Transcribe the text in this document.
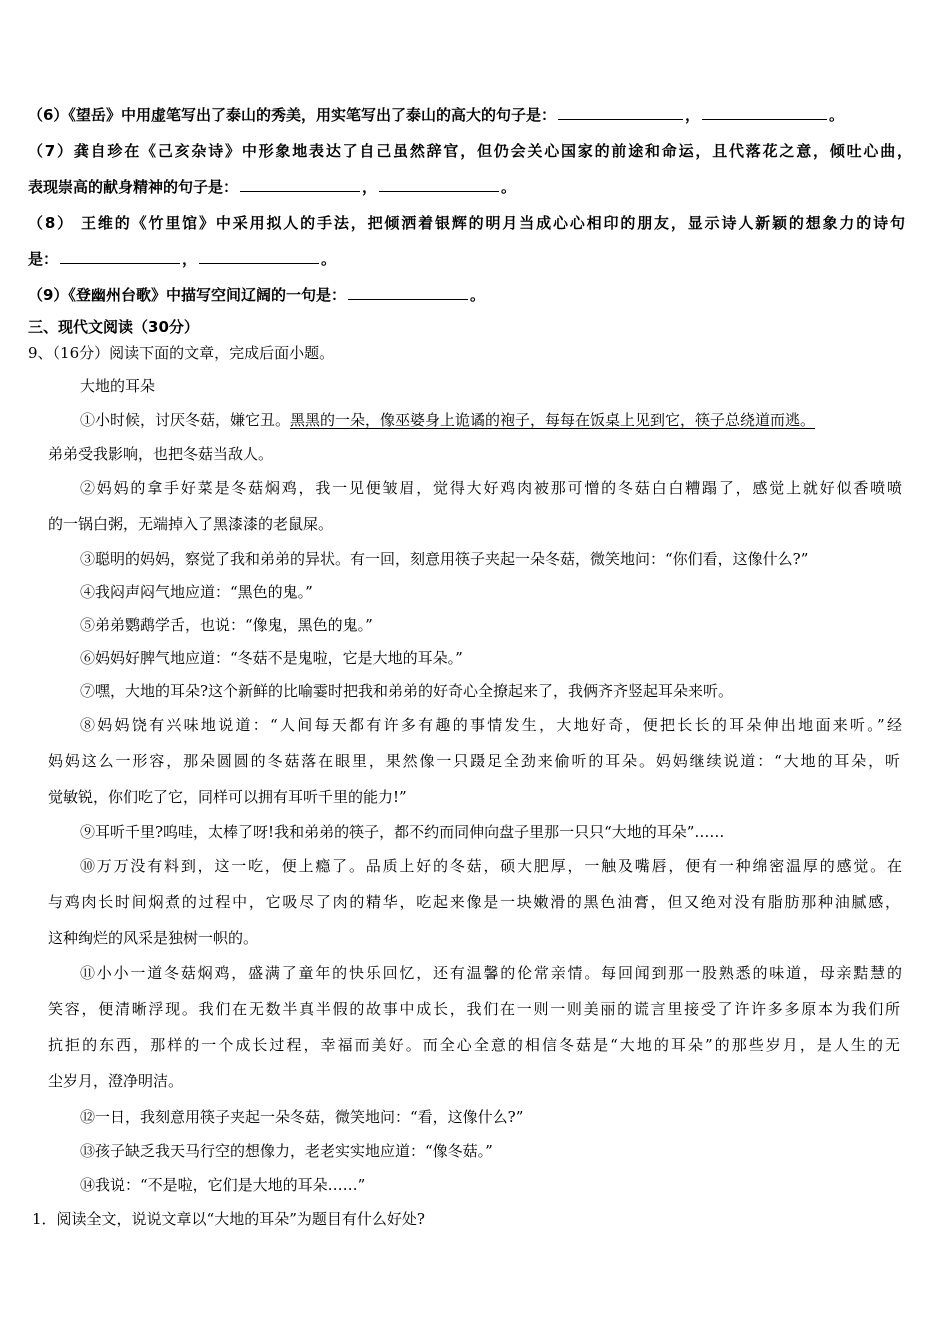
（6）《望岳》中用虚笔写出了泰山的秀美，用实笔写出了泰山的高大的句子是：	，	。
（7）龚自珍在《己亥杂诗》中形象地表达了自己虽然辞官，但仍会关心国家的前途和命运，且代落花之意，倾吐心曲，
表现崇高的献身精神的句子是：	，	。
（8） 王维的《竹里馆》中采用拟人的手法，把倾洒着银辉的明月当成心心相印的朋友，显示诗人新颖的想象力的诗句
是：	，	。
（9）《登幽州台歌》中描写空间辽阔的一句是：	。
三、现代文阅读（30分）
9、（16分）阅读下面的文章，完成后面小题。
大地的耳朵
①小时候，讨厌冬菇，嫌它丑。黑黑的一朵，像巫婆身上诡谲的袍子，每每在饭桌上见到它，筷子总绕道而逃。
弟弟受我影响，也把冬菇当敌人。
②妈妈的拿手好菜是冬菇焖鸡，我一见便皱眉，觉得大好鸡肉被那可憎的冬菇白白糟蹋了，感觉上就好似香喷喷
的一锅白粥，无端掉入了黑漆漆的老鼠屎。
③聪明的妈妈，察觉了我和弟弟的异状。有一回，刻意用筷子夹起一朵冬菇，微笑地问：“你们看，这像什么?”
④我闷声闷气地应道：“黑色的鬼。”
⑤弟弟鹦鹉学舌，也说：“像鬼，黑色的鬼。”
⑥妈妈好脾气地应道：“冬菇不是鬼啦，它是大地的耳朵。”
⑦嘿，大地的耳朵?这个新鲜的比喻霎时把我和弟弟的好奇心全撩起来了，我俩齐齐竖起耳朵来听。
⑧妈妈饶有兴味地说道：“人间每天都有许多有趣的事情发生，大地好奇，便把长长的耳朵伸出地面来听。”经
妈妈这么一形容，那朵圆圆的冬菇落在眼里，果然像一只蹑足全劲来偷听的耳朵。妈妈继续说道：“大地的耳朵，听
觉敏锐，你们吃了它，同样可以拥有耳听千里的能力!”
⑨耳听千里?呜哇，太棒了呀!我和弟弟的筷子，都不约而同伸向盘子里那一只只“大地的耳朵”……
⑩万万没有料到，这一吃，便上瘾了。品质上好的冬菇，硕大肥厚，一触及嘴唇，便有一种绵密温厚的感觉。在
与鸡肉长时间焖煮的过程中，它吸尽了肉的精华，吃起来像是一块嫩滑的黑色油膏，但又绝对没有脂肪那种油腻感，
这种绚烂的风采是独树一帜的。
⑪小小一道冬菇焖鸡，盛满了童年的快乐回忆，还有温馨的伦常亲情。每回闻到那一股熟悉的味道，母亲黠慧的
笑容，便清晰浮现。我们在无数半真半假的故事中成长，我们在一则一则美丽的谎言里接受了许许多多原本为我们所
抗拒的东西，那样的一个成长过程，幸福而美好。而全心全意的相信冬菇是“大地的耳朵”的那些岁月，是人生的无
尘岁月，澄净明洁。
⑫一日，我刻意用筷子夹起一朵冬菇，微笑地问：“看，这像什么?”
⑬孩子缺乏我天马行空的想像力，老老实实地应道：“像冬菇。”
⑭我说：“不是啦，它们是大地的耳朵……”
1．阅读全文，说说文章以“大地的耳朵”为题目有什么好处?
